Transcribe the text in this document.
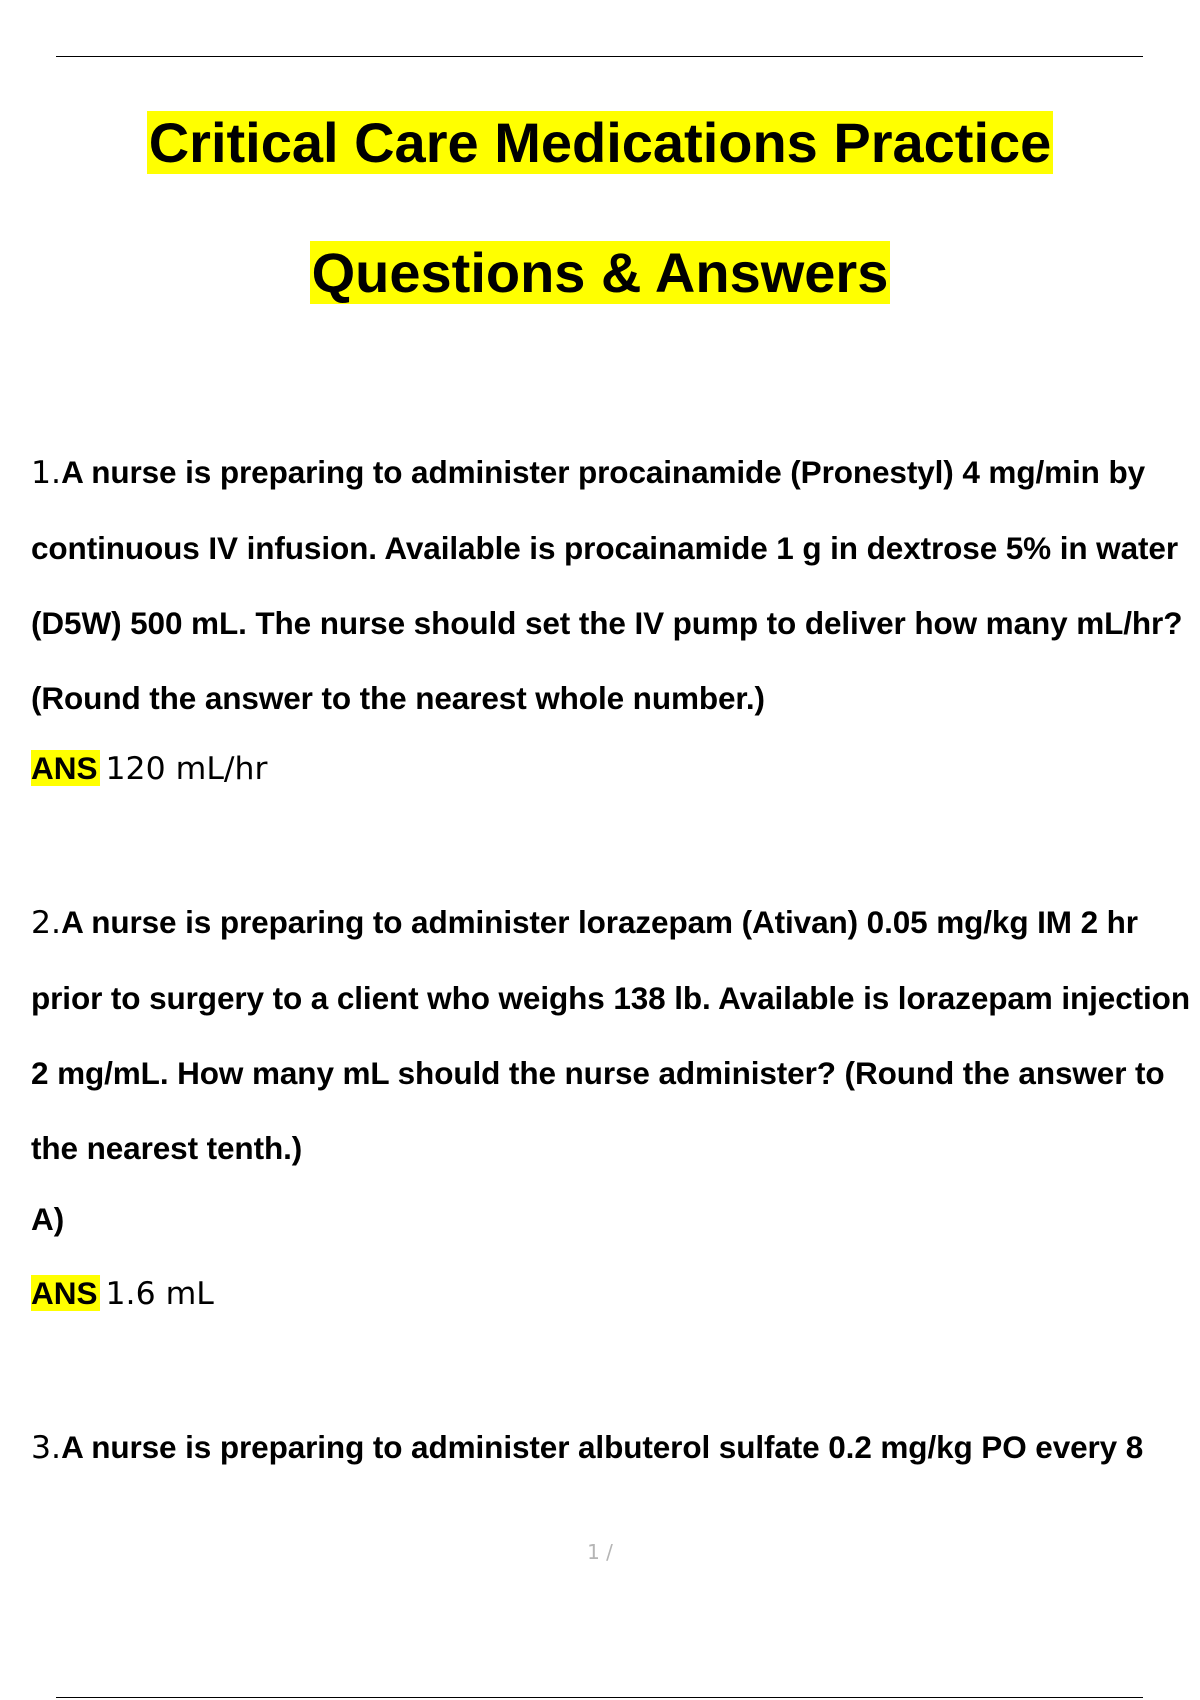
Critical Care Medications Practice
Questions & Answers
1.A nurse is preparing to administer procainamide (Pronestyl) 4 mg/min by continuous IV infusion. Available is procainamide 1 g in dextrose 5% in water (D5W) 500 mL. The nurse should set the IV pump to deliver how many mL/hr? (Round the answer to the nearest whole number.)
ANS 120 mL/hr
2.A nurse is preparing to administer lorazepam (Ativan) 0.05 mg/kg IM 2 hr prior to surgery to a client who weighs 138 lb. Available is lorazepam injection 2 mg/mL. How many mL should the nurse administer? (Round the answer to the nearest tenth.)
A)
ANS 1.6 mL
3.A nurse is preparing to administer albuterol sulfate 0.2 mg/kg PO every 8
1 /
